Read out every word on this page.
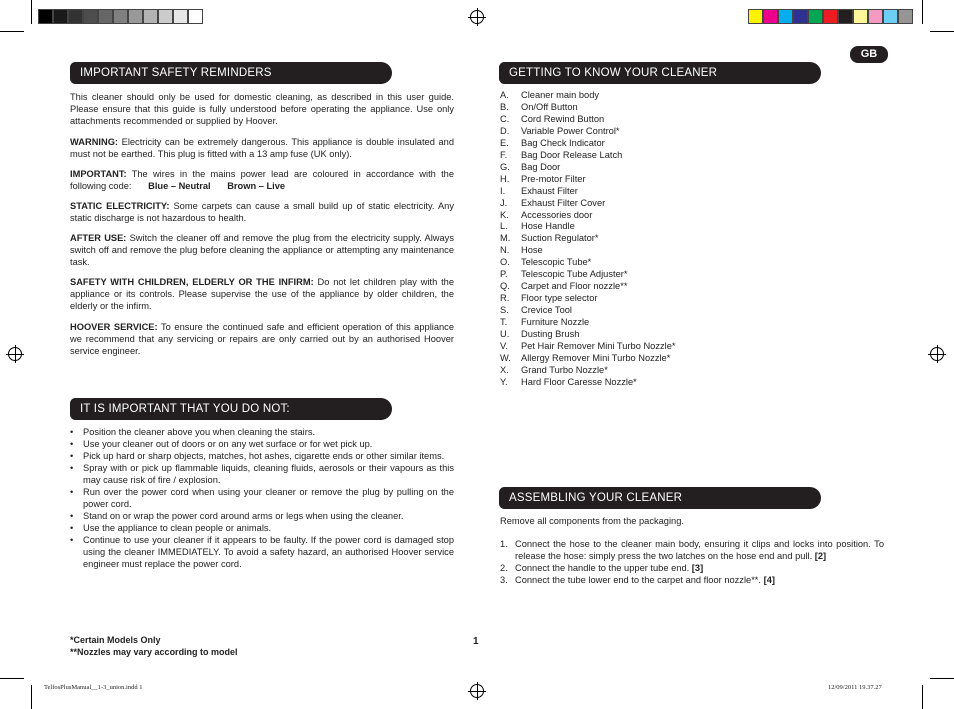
GB
IMPORTANT SAFETY REMINDERS
This cleaner should only be used for domestic cleaning, as described in this user guide. Please ensure that this guide is fully understood before operating the appliance. Use only attachments recommended or supplied by Hoover.
WARNING: Electricity can be extremely dangerous. This appliance is double insulated and must not be earthed. This plug is fitted with a 13 amp fuse (UK only).
IMPORTANT: The wires in the mains power lead are coloured in accordance with the following code: Blue – Neutral Brown – Live
STATIC ELECTRICITY: Some carpets can cause a small build up of static electricity. Any static discharge is not hazardous to health.
AFTER USE: Switch the cleaner off and remove the plug from the electricity supply. Always switch off and remove the plug before cleaning the appliance or attempting any maintenance task.
SAFETY WITH CHILDREN, ELDERLY OR THE INFIRM: Do not let children play with the appliance or its controls. Please supervise the use of the appliance by older children, the elderly or the infirm.
HOOVER SERVICE: To ensure the continued safe and efficient operation of this appliance we recommend that any servicing or repairs are only carried out by an authorised Hoover service engineer.
IT IS IMPORTANT THAT YOU DO NOT:
• Position the cleaner above you when cleaning the stairs.
• Use your cleaner out of doors or on any wet surface or for wet pick up.
• Pick up hard or sharp objects, matches, hot ashes, cigarette ends or other similar items.
• Spray with or pick up flammable liquids, cleaning fluids, aerosols or their vapours as this may cause risk of fire / explosion.
• Run over the power cord when using your cleaner or remove the plug by pulling on the power cord.
• Stand on or wrap the power cord around arms or legs when using the cleaner.
• Use the appliance to clean people or animals.
• Continue to use your cleaner if it appears to be faulty. If the power cord is damaged stop using the cleaner IMMEDIATELY. To avoid a safety hazard, an authorised Hoover service engineer must replace the power cord.
*Certain Models Only
**Nozzles may vary according to model
1
GETTING TO KNOW YOUR CLEANER
A.	Cleaner main body
B.	On/Off Button
C.	Cord Rewind Button
D.	Variable Power Control*
E.	Bag Check Indicator
F.	Bag Door Release Latch
G.	Bag Door
H.	Pre-motor Filter
I.	Exhaust Filter
J.	Exhaust Filter Cover
K.	Accessories door
L.	Hose Handle
M.	Suction Regulator*
N.	Hose
O.	Telescopic Tube*
P.	Telescopic Tube Adjuster*
Q.	Carpet and Floor nozzle**
R.	Floor type selector
S.	Crevice Tool
T.	Furniture Nozzle
U.	Dusting Brush
V.	Pet Hair Remover Mini Turbo Nozzle*
W.	Allergy Remover Mini Turbo Nozzle*
X.	Grand Turbo Nozzle*
Y.	Hard Floor Caresse Nozzle*
ASSEMBLING YOUR CLEANER
Remove all components from the packaging.
1. Connect the hose to the cleaner main body, ensuring it clips and locks into position. To release the hose: simply press the two latches on the hose end and pull. [2]
2. Connect the handle to the upper tube end. [3]
3. Connect the tube lower end to the carpet and floor nozzle**. [4]
TelfosPlusManual__1-3_union.indd 1	12/09/2011 19.37.27
